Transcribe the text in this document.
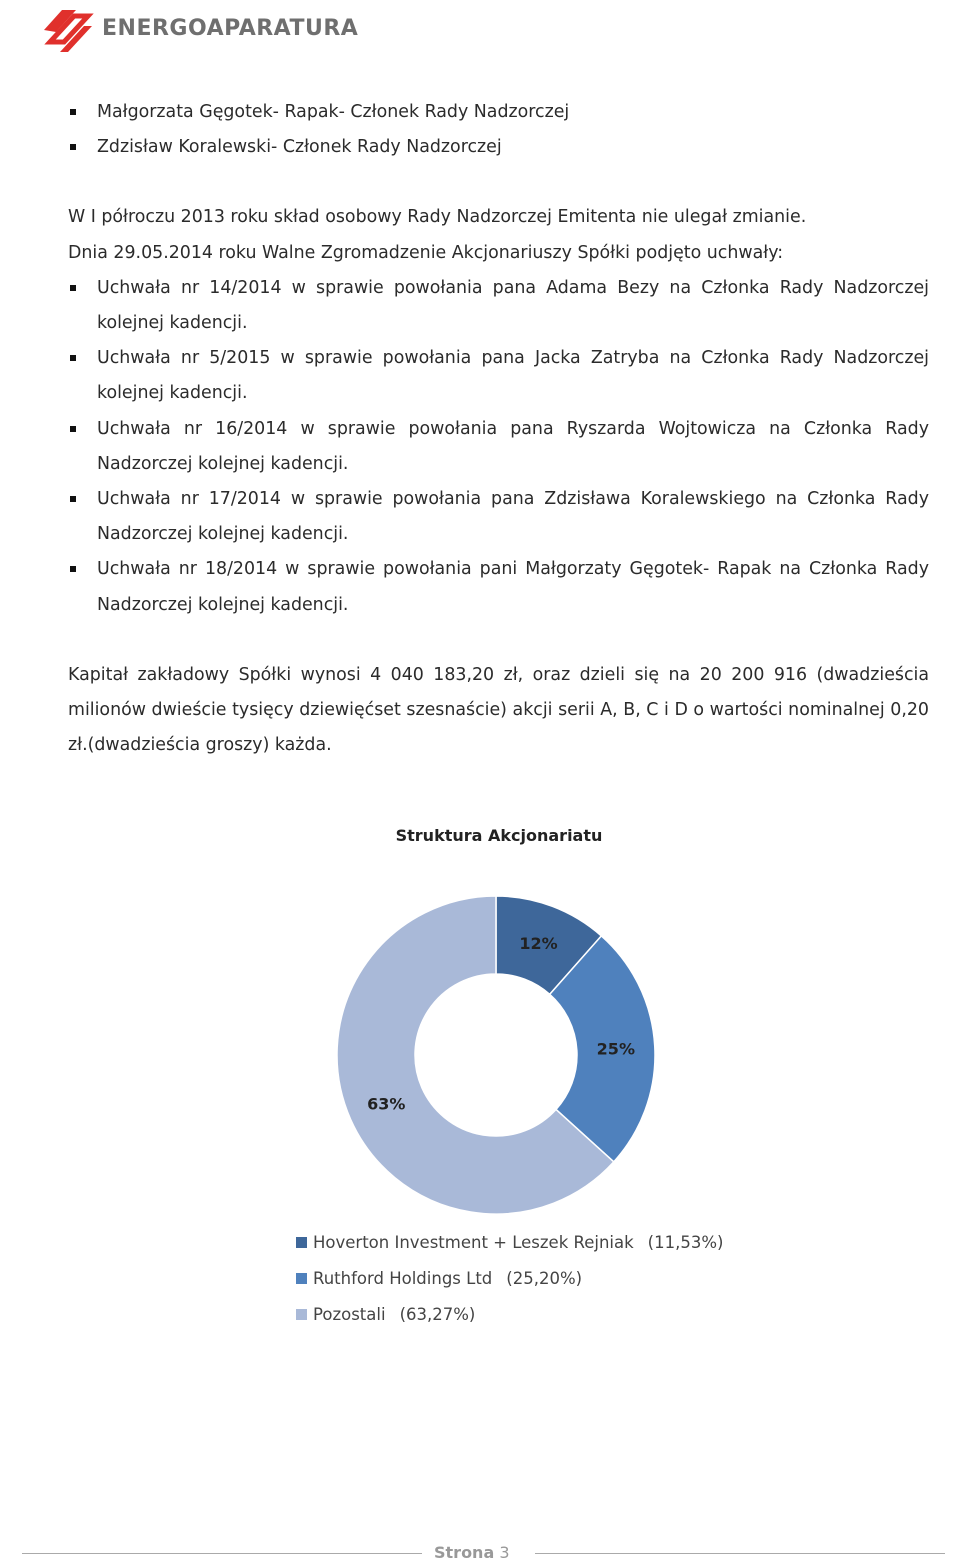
ENERGOAPARATURA
Małgorzata Gęgotek- Rapak- Członek Rady Nadzorczej
Zdzisław Koralewski- Członek Rady Nadzorczej

W I półroczu 2013 roku skład osobowy Rady Nadzorczej Emitenta nie ulegał zmianie.

Dnia 29.05.2014 roku Walne Zgromadzenie Akcjonariuszy Spółki podjęto uchwały:

Uchwała nr 14/2014 w sprawie powołania pana Adama Bezy na Członka Rady Nadzorczej kolejnej kadencji.
Uchwała nr 5/2015 w sprawie powołania pana Jacka Zatryba na Członka Rady Nadzorczej kolejnej kadencji.
Uchwała nr 16/2014 w sprawie powołania pana Ryszarda Wojtowicza na Członka Rady Nadzorczej kolejnej kadencji.
Uchwała nr 17/2014 w sprawie powołania pana Zdzisława Koralewskiego na Członka Rady Nadzorczej kolejnej kadencji.
Uchwała nr 18/2014 w sprawie powołania pani Małgorzaty Gęgotek- Rapak na Członka Rady Nadzorczej kolejnej kadencji.

Kapitał zakładowy Spółki wynosi 4 040 183,20 zł, oraz dzieli się na 20 200 916 (dwadzieścia milionów dwieście tysięcy dziewięćset szesnaście) akcji serii A, B, C i D o wartości nominalnej 0,20 zł.(dwadzieścia groszy) każda.

Struktura Akcjonariatu
12%
25%
63%
Hoverton Investment + Leszek Rejniak (11,53%)
Ruthford Holdings Ltd (25,20%)
Pozostali (63,27%)
Strona 3
